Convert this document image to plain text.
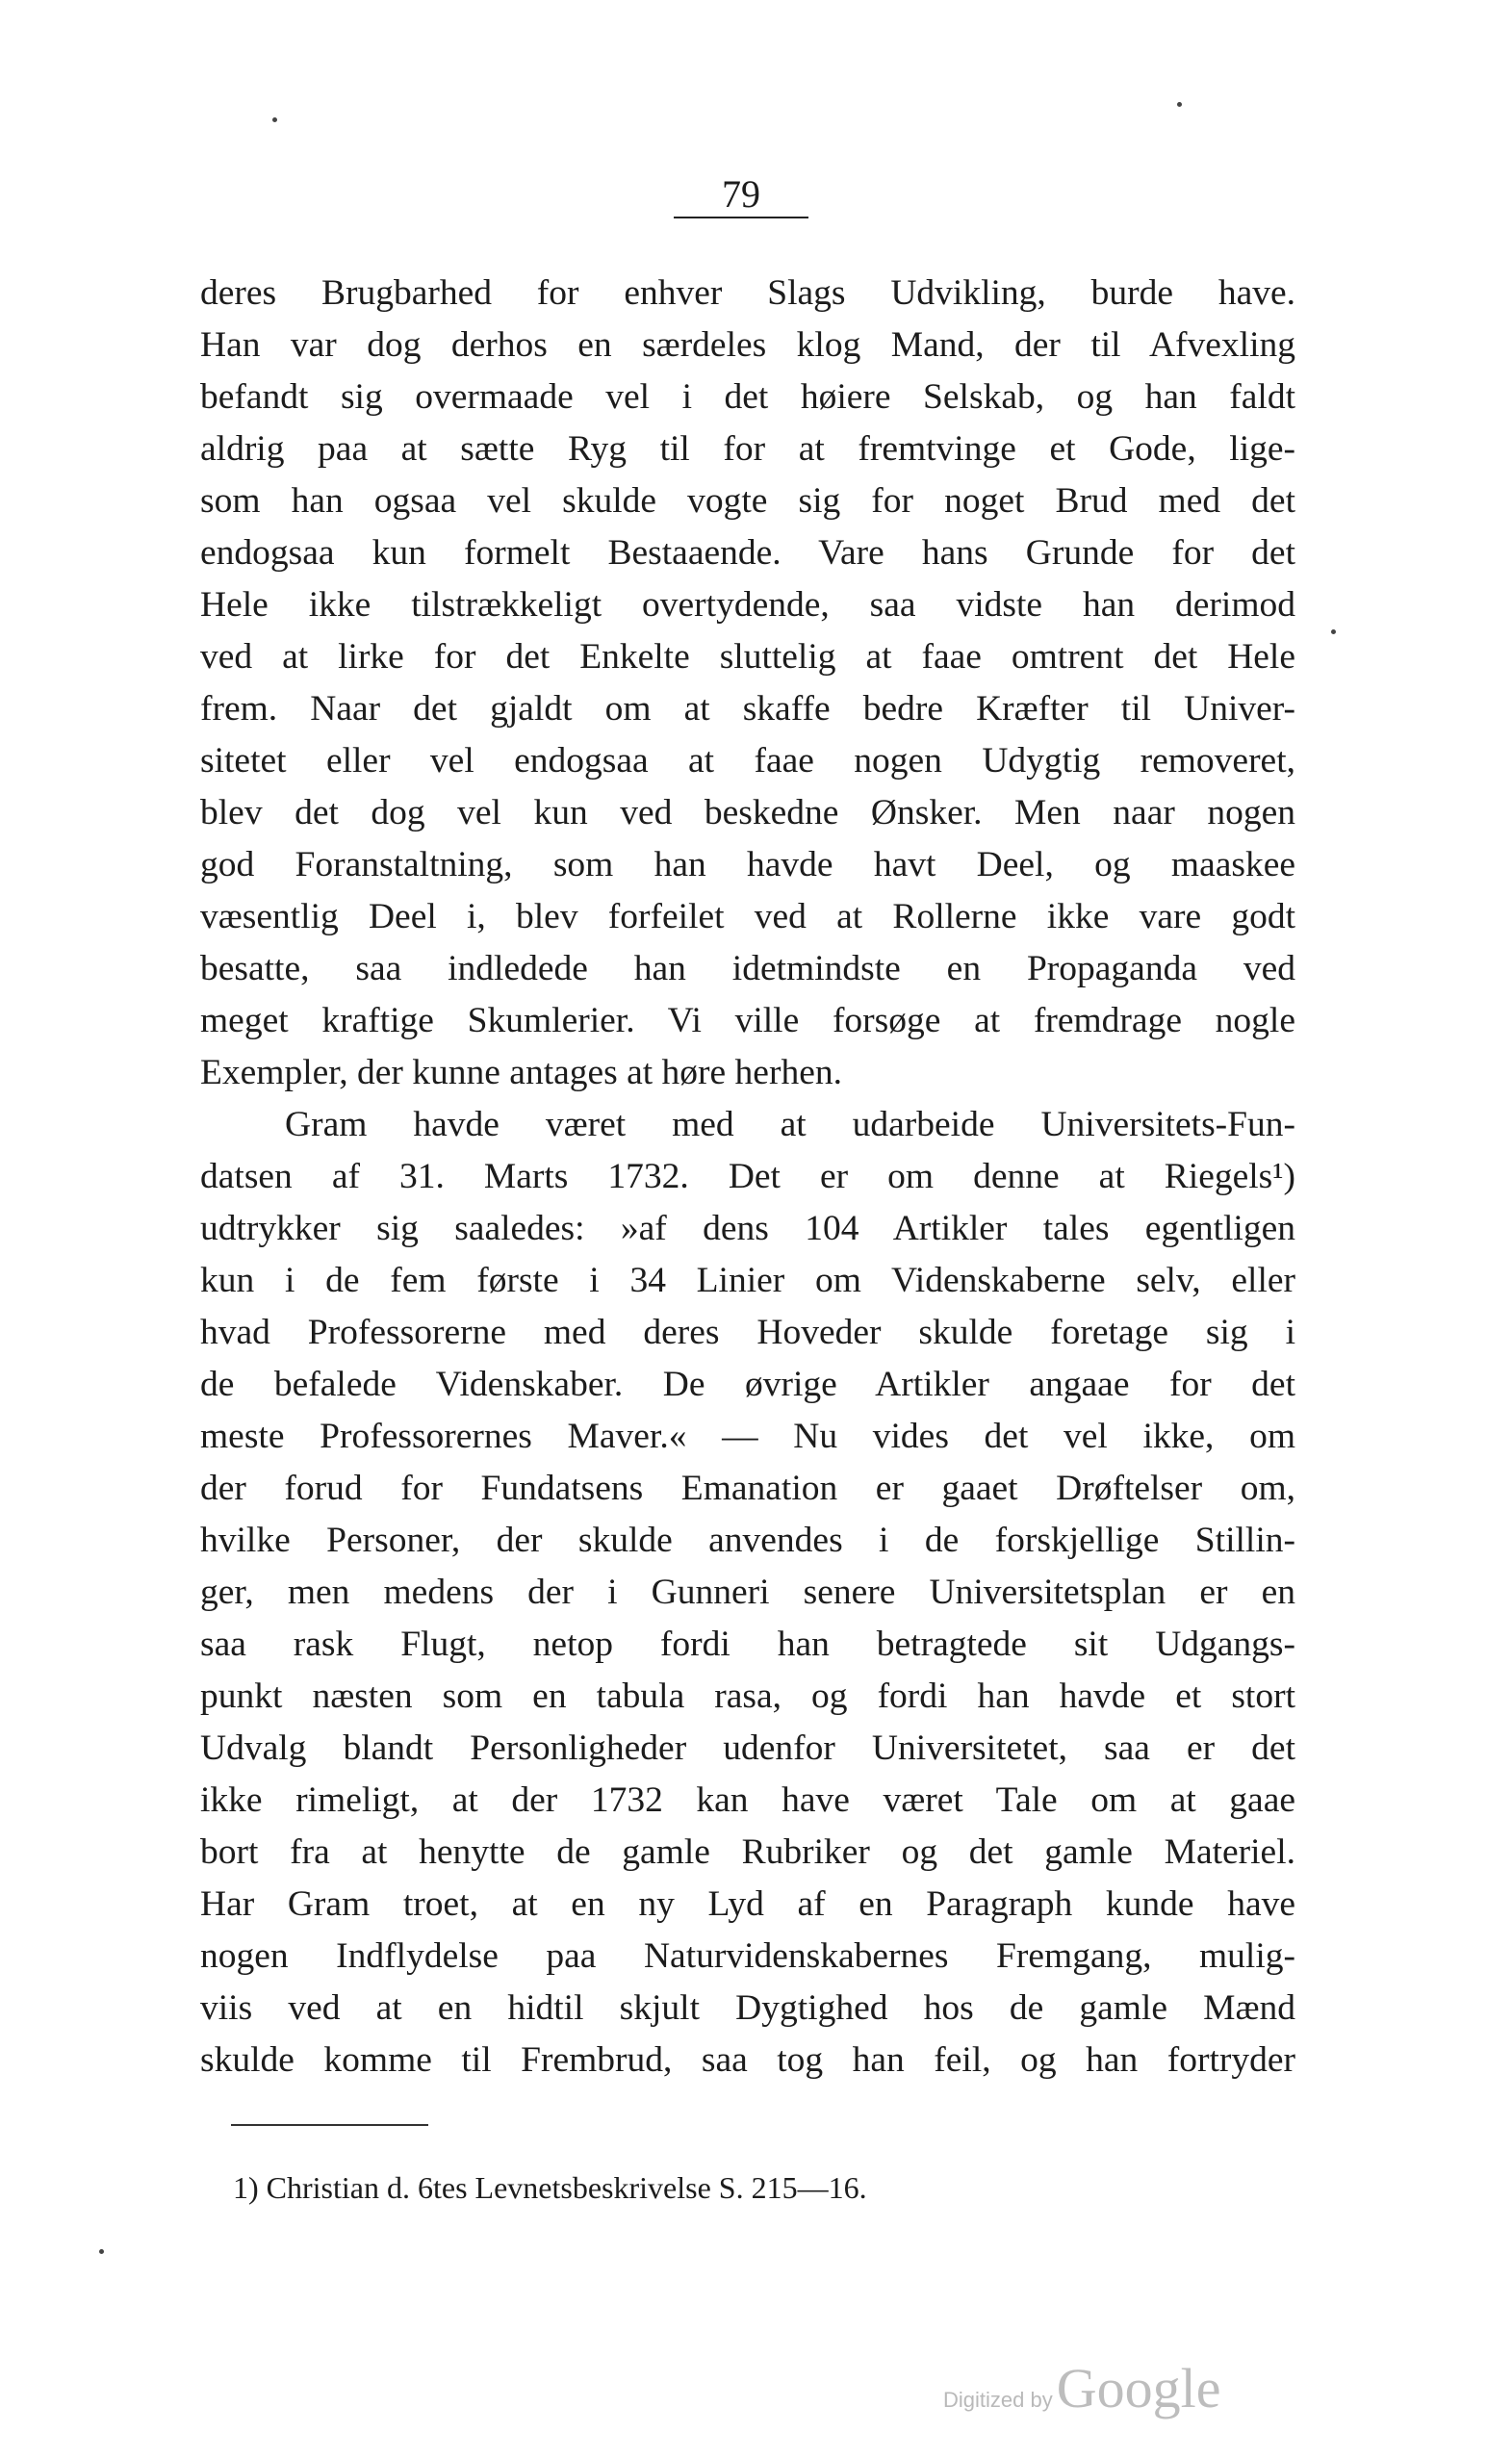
79
deres Brugbarhed for enhver Slags Udvikling, burde have.
Han var dog derhos en særdeles klog Mand, der til Afvexling
befandt sig overmaade vel i det høiere Selskab, og han faldt
aldrig paa at sætte Ryg til for at fremtvinge et Gode, lige-
som han ogsaa vel skulde vogte sig for noget Brud med det
endogsaa kun formelt Bestaaende. Vare hans Grunde for det
Hele ikke tilstrækkeligt overtydende, saa vidste han derimod
ved at lirke for det Enkelte sluttelig at faae omtrent det Hele
frem. Naar det gjaldt om at skaffe bedre Kræfter til Univer-
sitetet eller vel endogsaa at faae nogen Udygtig removeret,
blev det dog vel kun ved beskedne Ønsker. Men naar nogen
god Foranstaltning, som han havde havt Deel, og maaskee
væsentlig Deel i, blev forfeilet ved at Rollerne ikke vare godt
besatte, saa indledede han idetmindste en Propaganda ved
meget kraftige Skumlerier. Vi ville forsøge at fremdrage nogle
Exempler, der kunne antages at høre herhen.
Gram havde været med at udarbeide Universitets-Fun-
datsen af 31. Marts 1732. Det er om denne at Riegels¹)
udtrykker sig saaledes: »af dens 104 Artikler tales egentligen
kun i de fem første i 34 Linier om Videnskaberne selv, eller
hvad Professorerne med deres Hoveder skulde foretage sig i
de befalede Videnskaber. De øvrige Artikler angaae for det
meste Professorernes Maver.« — Nu vides det vel ikke, om
der forud for Fundatsens Emanation er gaaet Drøftelser om,
hvilke Personer, der skulde anvendes i de forskjellige Stillin-
ger, men medens der i Gunneri senere Universitetsplan er en
saa rask Flugt, netop fordi han betragtede sit Udgangs-
punkt næsten som en tabula rasa, og fordi han havde et stort
Udvalg blandt Personligheder udenfor Universitetet, saa er det
ikke rimeligt, at der 1732 kan have været Tale om at gaae
bort fra at henytte de gamle Rubriker og det gamle Materiel.
Har Gram troet, at en ny Lyd af en Paragraph kunde have
nogen Indflydelse paa Naturvidenskabernes Fremgang, mulig-
viis ved at en hidtil skjult Dygtighed hos de gamle Mænd
skulde komme til Frembrud, saa tog han feil, og han fortryder
1) Christian d. 6tes Levnetsbeskrivelse S. 215—16.
Digitized by Google
